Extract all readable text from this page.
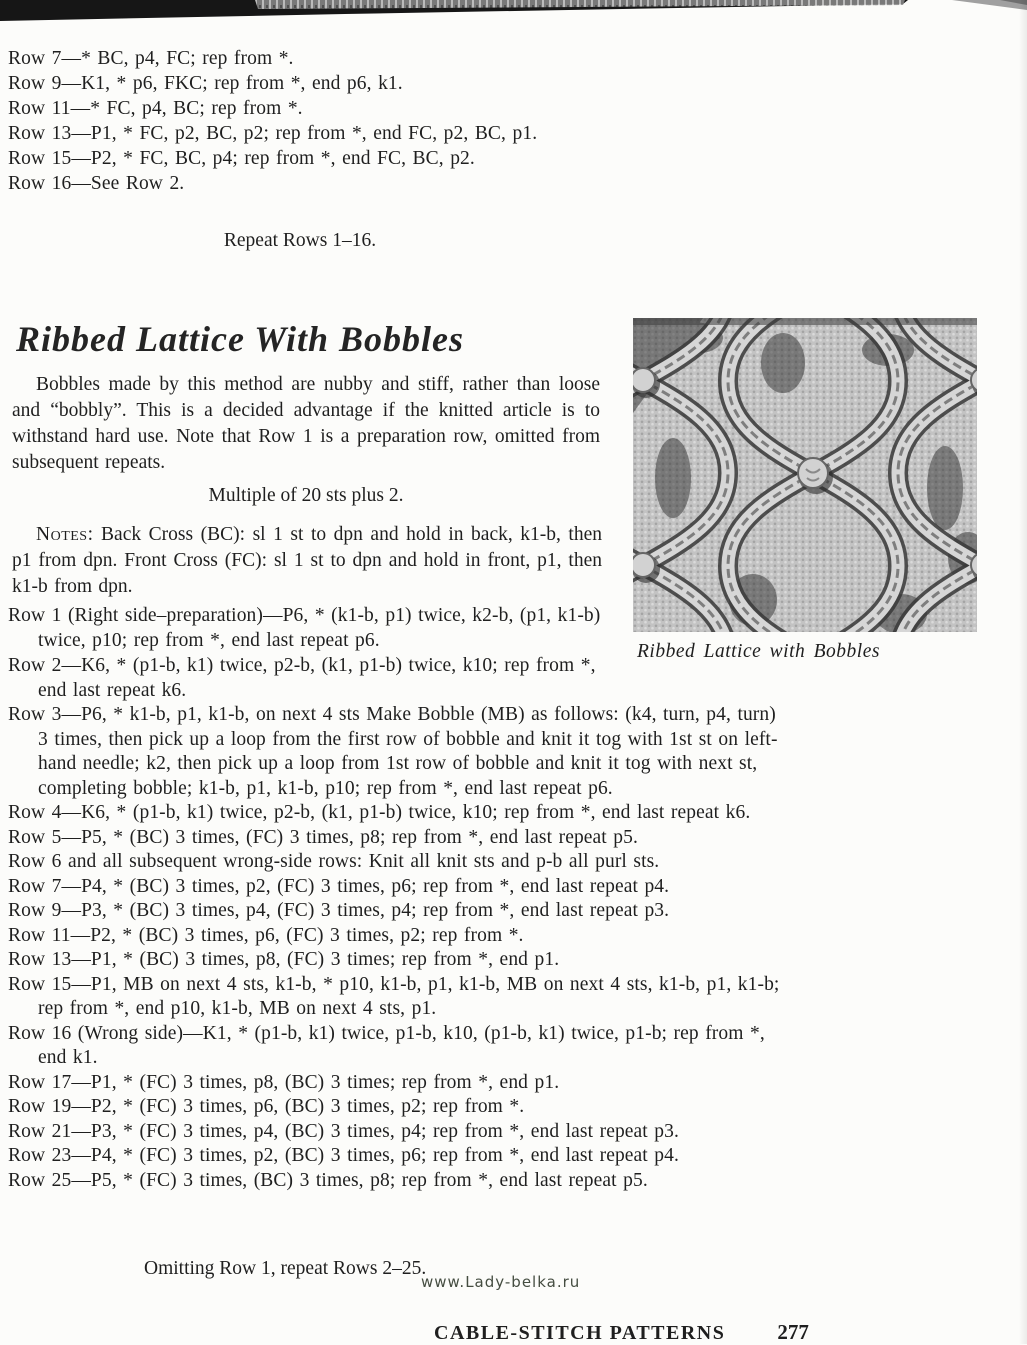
Row 7—* BC, p4, FC; rep from *.

Row 9—K1, * p6, FKC; rep from *, end p6, k1.

Row 11—* FC, p4, BC; rep from *.

Row 13—P1, * FC, p2, BC, p2; rep from *, end FC, p2, BC, p1.

Row 15—P2, * FC, BC, p4; rep from *, end FC, BC, p2.

Row 16—See Row 2.

Repeat Rows 1–16.

Ribbed Lattice With Bobbles

Bobbles made by this method are nubby and stiff, rather than loose and “bobbly”. This is a decided advantage if the knitted article is to withstand hard use. Note that Row 1 is a preparation row, omitted from subsequent repeats.

Multiple of 20 sts plus 2.

Notes: Back Cross (BC): sl 1 st to dpn and hold in back, k1-b, then p1 from dpn. Front Cross (FC): sl 1 st to dpn and hold in front, p1, then k1-b from dpn.

Row 1 (Right side–preparation)—P6, * (k1-b, p1) twice, k2-b, (p1, k1-b) twice, p10; rep from *, end last repeat p6.

Row 2—K6, * (p1-b, k1) twice, p2-b, (k1, p1-b) twice, k10; rep from *, end last repeat k6.

Row 3—P6, * k1-b, p1, k1-b, on next 4 sts Make Bobble (MB) as follows: (k4, turn, p4, turn) 3 times, then pick up a loop from the first row of bobble and knit it tog with 1st st on left-hand needle; k2, then pick up a loop from 1st row of bobble and knit it tog with next st, completing bobble; k1-b, p1, k1-b, p10; rep from *, end last repeat p6.

Row 4—K6, * (p1-b, k1) twice, p2-b, (k1, p1-b) twice, k10; rep from *, end last repeat k6.

Row 5—P5, * (BC) 3 times, (FC) 3 times, p8; rep from *, end last repeat p5.

Row 6 and all subsequent wrong-side rows: Knit all knit sts and p-b all purl sts.

Row 7—P4, * (BC) 3 times, p2, (FC) 3 times, p6; rep from *, end last repeat p4.

Row 9—P3, * (BC) 3 times, p4, (FC) 3 times, p4; rep from *, end last repeat p3.

Row 11—P2, * (BC) 3 times, p6, (FC) 3 times, p2; rep from *.

Row 13—P1, * (BC) 3 times, p8, (FC) 3 times; rep from *, end p1.

Row 15—P1, MB on next 4 sts, k1-b, * p10, k1-b, p1, k1-b, MB on next 4 sts, k1-b, p1, k1-b; rep from *, end p10, k1-b, MB on next 4 sts, p1.

Row 16 (Wrong side)—K1, * (p1-b, k1) twice, p1-b, k10, (p1-b, k1) twice, p1-b; rep from *, end k1.

Row 17—P1, * (FC) 3 times, p8, (BC) 3 times; rep from *, end p1.

Row 19—P2, * (FC) 3 times, p6, (BC) 3 times, p2; rep from *.

Row 21—P3, * (FC) 3 times, p4, (BC) 3 times, p4; rep from *, end last repeat p3.

Row 23—P4, * (FC) 3 times, p2, (BC) 3 times, p6; rep from *, end last repeat p4.

Row 25—P5, * (FC) 3 times, (BC) 3 times, p8; rep from *, end last repeat p5.

Omitting Row 1, repeat Rows 2–25.

www.Lady-belka.ru
Ribbed Lattice with Bobbles
CABLE-STITCH PATTERNS 277
